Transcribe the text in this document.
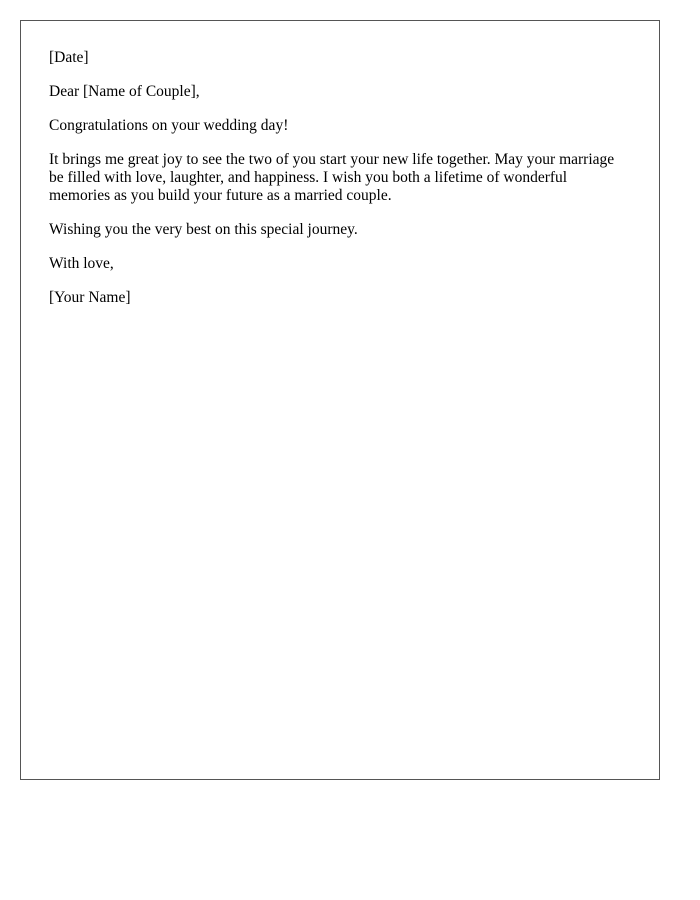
[Date]

Dear [Name of Couple],

Congratulations on your wedding day!

It brings me great joy to see the two of you start your new life together. May your marriage be filled with love, laughter, and happiness. I wish you both a lifetime of wonderful memories as you build your future as a married couple.

Wishing you the very best on this special journey.

With love,

[Your Name]
